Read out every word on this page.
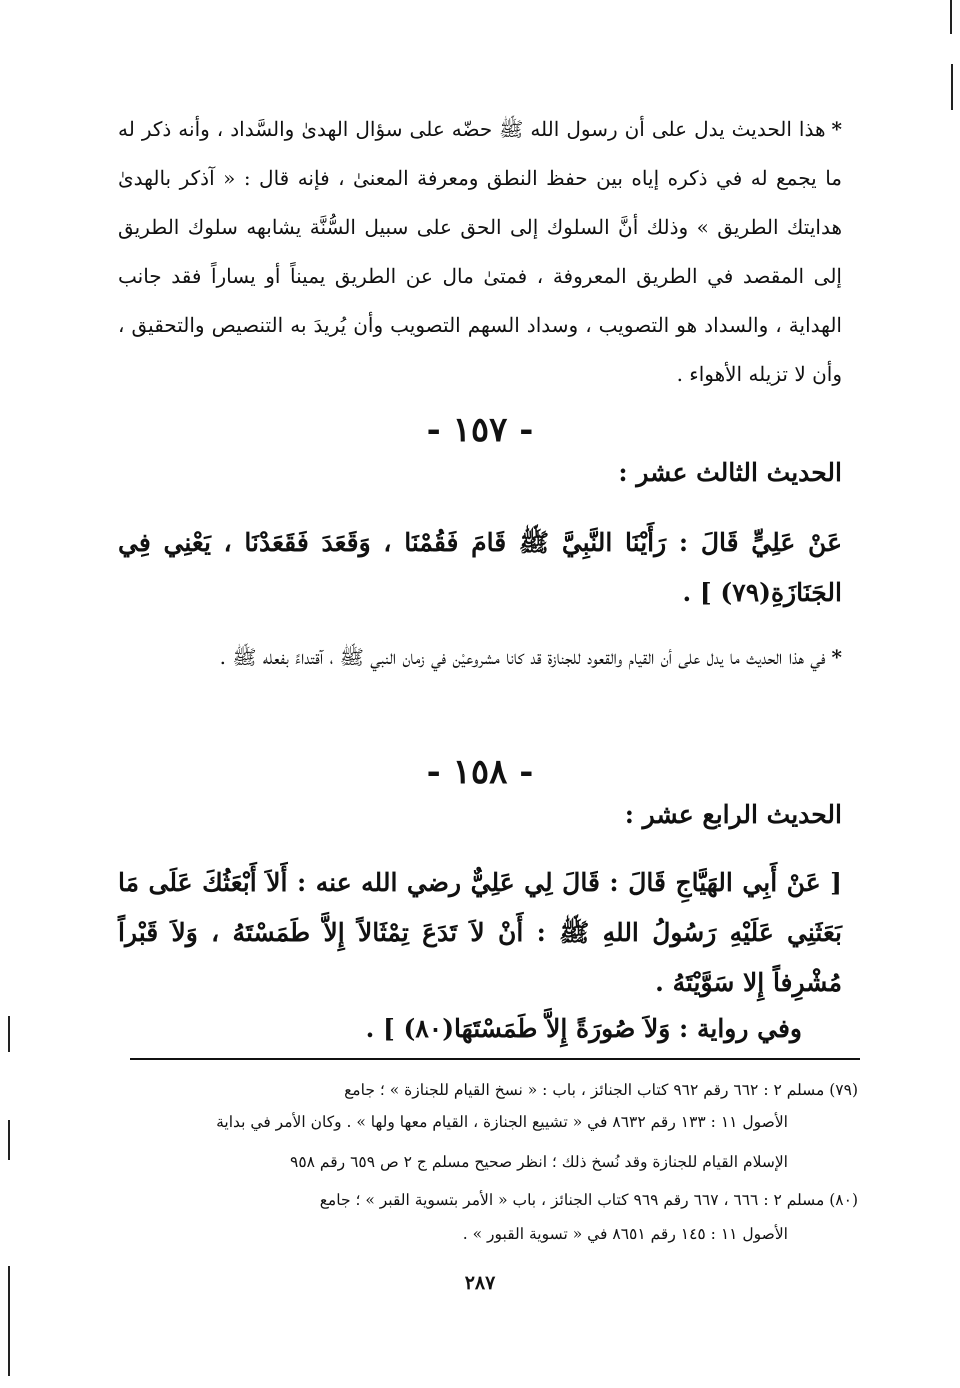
*هذا الحديث يدل على أن رسول الله ﷺ حضّه على سؤال الهدىٰ والسَّداد ، وأنه ذكر له ما يجمع له في ذكره إياه بين حفظ النطق ومعرفة المعنىٰ ، فإنه قال : « آذكر بالهدىٰ هدايتك الطريق » وذلك أنَّ السلوك إلى الحق على سبيل السُّنَّة يشابهه سلوك الطريق إلى المقصد في الطريق المعروفة ، فمتىٰ مال عن الطريق يميناً أو يساراً فقد جانب الهداية ، والسداد هو التصويب ، وسداد السهم التصويب وأن يُريدَ به التنصيص والتحقيق ، وأن لا تزيله الأهواء .
- ١٥٧ -
الحديث الثالث عشر :
عَنْ عَلِيٍّ قَالَ : رَأَيْنَا النَّبِيَّ ﷺ قَامَ فَقُمْنَا ، وَقَعَدَ فَقَعَدْنَا ، يَعْنِي فِي الجَنَازَةِ(٧٩) ] .
*في هذا الحديث ما يدل على أن القيام والقعود للجنازة قد كانا مشروعيْن في زمان النبي ﷺ ، آقتداءً بفعله ﷺ .
- ١٥٨ -
الحديث الرابع عشر :
[ عَنْ أَبِي الهَيَّاجِ قَالَ : قَالَ لِي عَلِيٌّ رضي الله عنه : أَلاَ أَبْعَثُكَ عَلَى مَا بَعَثَنِي عَلَيْهِ رَسُولُ اللهِ ﷺ : أَنْ لاَ تَدَعَ تِمْثَالاً إِلاَّ طَمَسْتَهُ ، وَلاَ قَبْراً مُشْرِفاً إِلا سَوَّيْتَهُ .
وفي رواية : وَلاَ صُورَةً إِلاَّ طَمَسْتَهَا(٨٠) ] .
(٧٩) مسلم ٢ : ٦٦٢ رقم ٩٦٢ كتاب الجنائز ، باب : « نسخ القيام للجنازة » ؛ جامع
الأصول ١١ : ١٣٣ رقم ٨٦٣٢ في « تشييع الجنازة ، القيام معها ولها » . وكان الأمر في بداية
الإسلام القيام للجنازة وقد نُسخ ذلك ؛ انظر صحيح مسلم ج ٢ ص ٦٥٩ رقم ٩٥٨
(٨٠) مسلم ٢ : ٦٦٦ ، ٦٦٧ رقم ٩٦٩ كتاب الجنائز ، باب « الأمر بتسوية القبر » ؛ جامع
الأصول ١١ : ١٤٥ رقم ٨٦٥١ في « تسوية القبور » .
٢٨٧
